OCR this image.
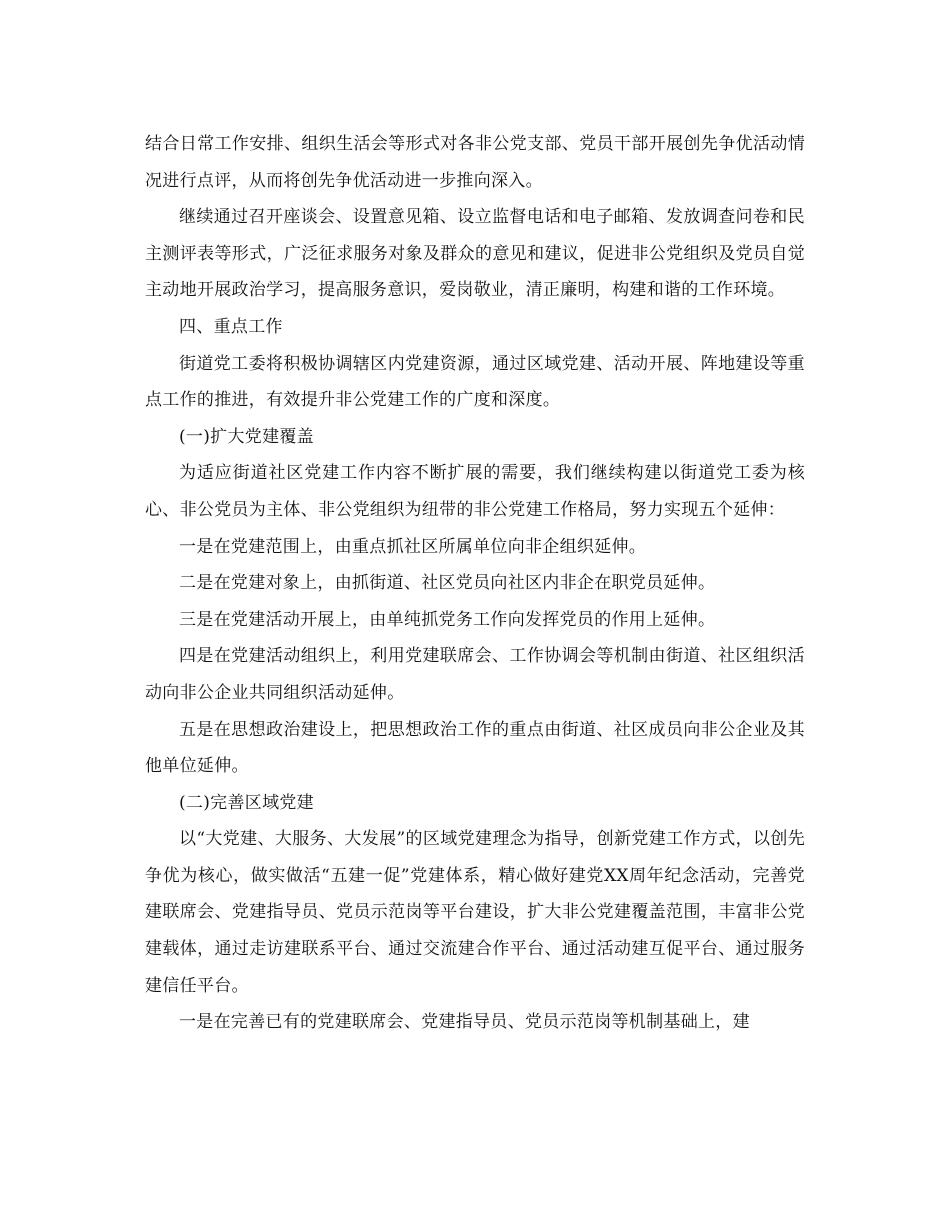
结合日常工作安排、组织生活会等形式对各非公党支部、党员干部开展创先争优活动情况进行点评，从而将创先争优活动进一步推向深入。

继续通过召开座谈会、设置意见箱、设立监督电话和电子邮箱、发放调查问卷和民主测评表等形式，广泛征求服务对象及群众的意见和建议，促进非公党组织及党员自觉主动地开展政治学习，提高服务意识，爱岗敬业，清正廉明，构建和谐的工作环境。

四、重点工作

街道党工委将积极协调辖区内党建资源，通过区域党建、活动开展、阵地建设等重点工作的推进，有效提升非公党建工作的广度和深度。

(一)扩大党建覆盖

为适应街道社区党建工作内容不断扩展的需要，我们继续构建以街道党工委为核心、非公党员为主体、非公党组织为纽带的非公党建工作格局，努力实现五个延伸：

一是在党建范围上，由重点抓社区所属单位向非企组织延伸。

二是在党建对象上，由抓街道、社区党员向社区内非企在职党员延伸。

三是在党建活动开展上，由单纯抓党务工作向发挥党员的作用上延伸。

四是在党建活动组织上，利用党建联席会、工作协调会等机制由街道、社区组织活动向非公企业共同组织活动延伸。

五是在思想政治建设上，把思想政治工作的重点由街道、社区成员向非公企业及其他单位延伸。

(二)完善区域党建

以“大党建、大服务、大发展”的区域党建理念为指导，创新党建工作方式，以创先争优为核心，做实做活“五建一促”党建体系，精心做好建党XX周年纪念活动，完善党建联席会、党建指导员、党员示范岗等平台建设，扩大非公党建覆盖范围，丰富非公党建载体，通过走访建联系平台、通过交流建合作平台、通过活动建互促平台、通过服务建信任平台。

一是在完善已有的党建联席会、党建指导员、党员示范岗等机制基础上，建
